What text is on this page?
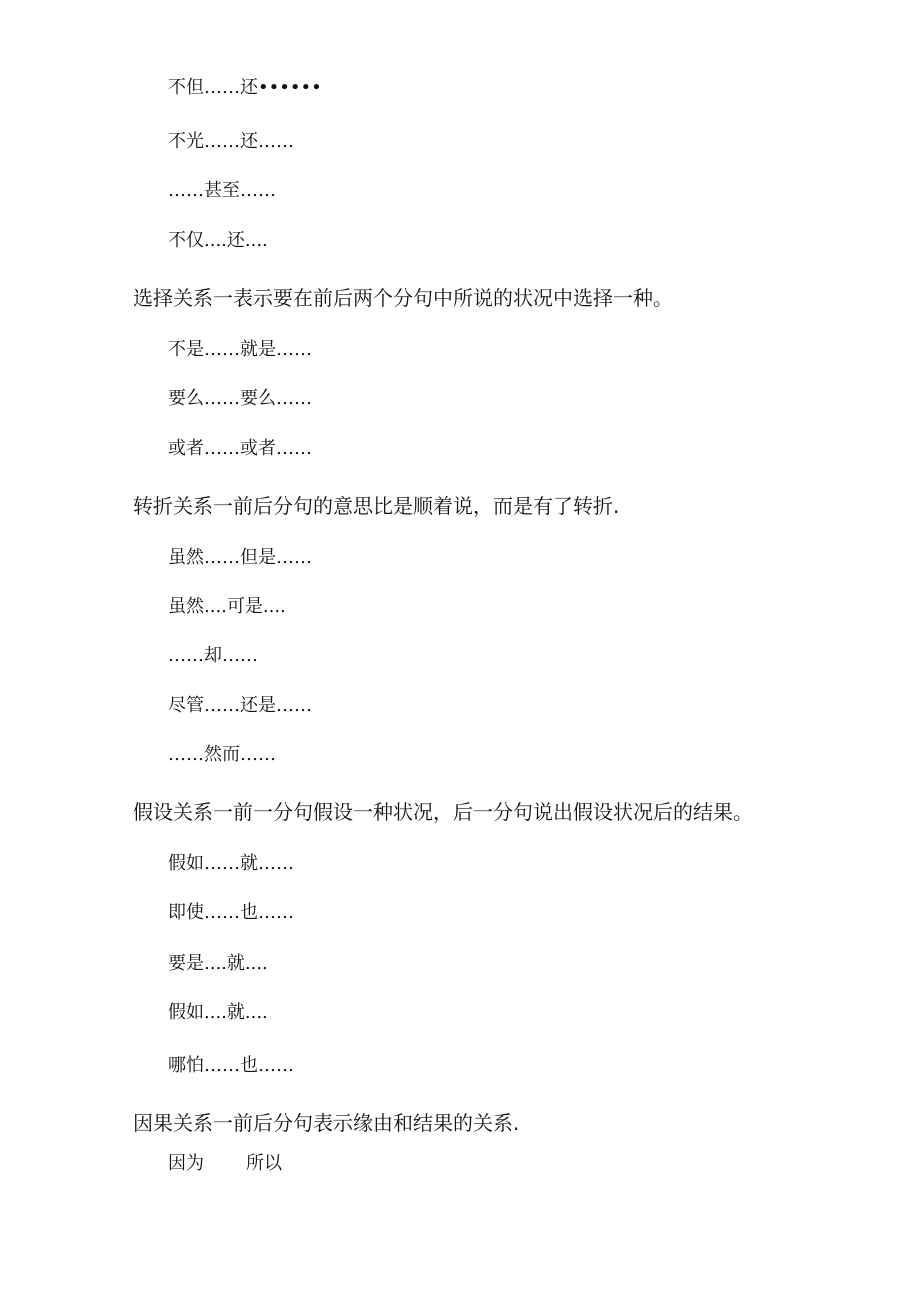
不但……还••••••
不光……还……
……甚至……
不仅....还....
选择关系一表示要在前后两个分句中所说的状况中选择一种。
不是……就是……
要么……要么……
或者……或者……
转折关系一前后分句的意思比是顺着说，而是有了转折.
虽然……但是……
虽然....可是....
……却……
尽管……还是……
……然而……
假设关系一前一分句假设一种状况，后一分句说出假设状况后的结果。
假如……就……
即使……也……
要是....就....
假如....就....
哪怕……也……
因果关系一前后分句表示缘由和结果的关系.
因为 所以
